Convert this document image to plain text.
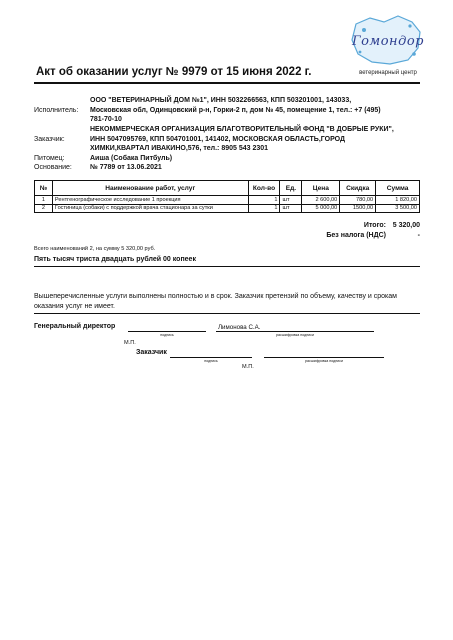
Гомондор
ветеринарный центр
Акт об оказании услуг № 9979 от 15 июня 2022 г.
Исполнитель:
ООО "ВЕТЕРИНАРНЫЙ ДОМ №1", ИНН 5032266563, КПП 503201001, 143033,
Московская обл, Одинцовский р-н, Горки-2 п, дом № 45, помещение 1, тел.: +7 (495)
781-70-10
Заказчик:
НЕКОММЕРЧЕСКАЯ ОРГАНИЗАЦИЯ БЛАГОТВОРИТЕЛЬНЫЙ ФОНД "В ДОБРЫЕ РУКИ",
ИНН 5047095769, КПП 504701001, 141402, МОСКОВСКАЯ ОБЛАСТЬ,ГОРОД
ХИМКИ,КВАРТАЛ ИВАКИНО,576, тел.: 8905 543 2301
Питомец:	Аиша (Собака Питбуль)
Основание:	№ 7789 от 13.06.2021
№	Наименование работ, услуг	Кол-во	Ед.	Цена	Скидка	Сумма
1	Рентгенографическое исследование 1 проекция	1	шт	2 600,00	780,00	1 820,00
2	Гостиница (собаки) с поддержкой врача стационара за сутки	1	шт	5 000,00	1500,00	3 500,00
Итого: 5 320,00
Без налога (НДС)	-
Всего наименований 2, на сумму 5 320,00 руб.
Пять тысяч триста двадцать рублей 00 копеек
Вышеперечисленные услуги выполнены полностью и в срок. Заказчик претензий по объему, качеству и срокам оказания услуг не имеет.
Генеральный директор
подпись
Лимонова С.А.
расшифровка подписи
М.П.
Заказчик
подпись	расшифровка подписи
М.П.
